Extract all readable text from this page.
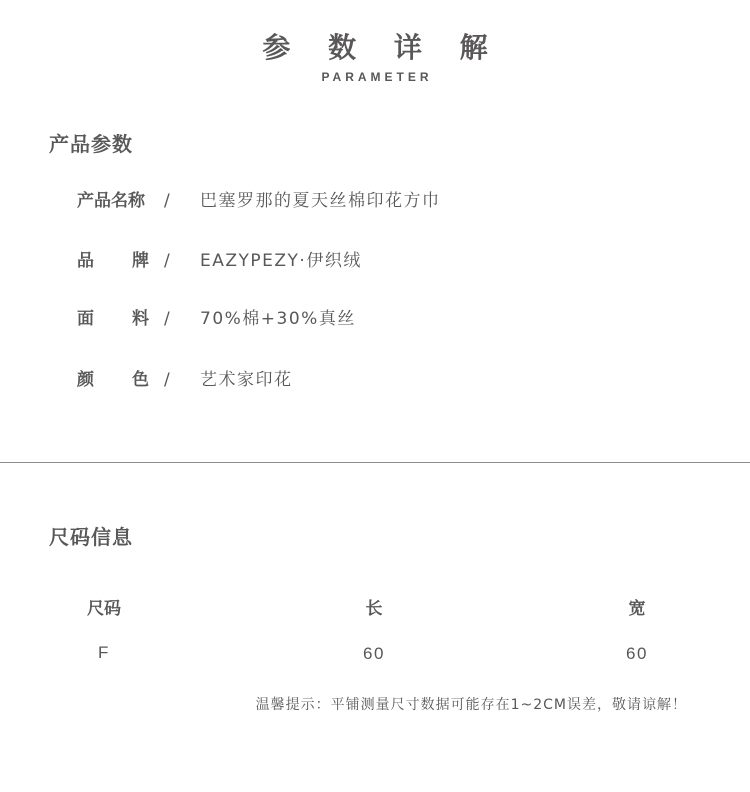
参 数 详 解
PARAMETER
产品参数
产品名称 / 巴塞罗那的夏天丝棉印花方巾
品 牌 / EAZYPEZY·伊织绒
面 料 / 70%棉+30%真丝
颜 色 / 艺术家印花
尺码信息
尺码	长	宽
F	60	60
温馨提示：平铺测量尺寸数据可能存在1~2CM误差，敬请谅解！
